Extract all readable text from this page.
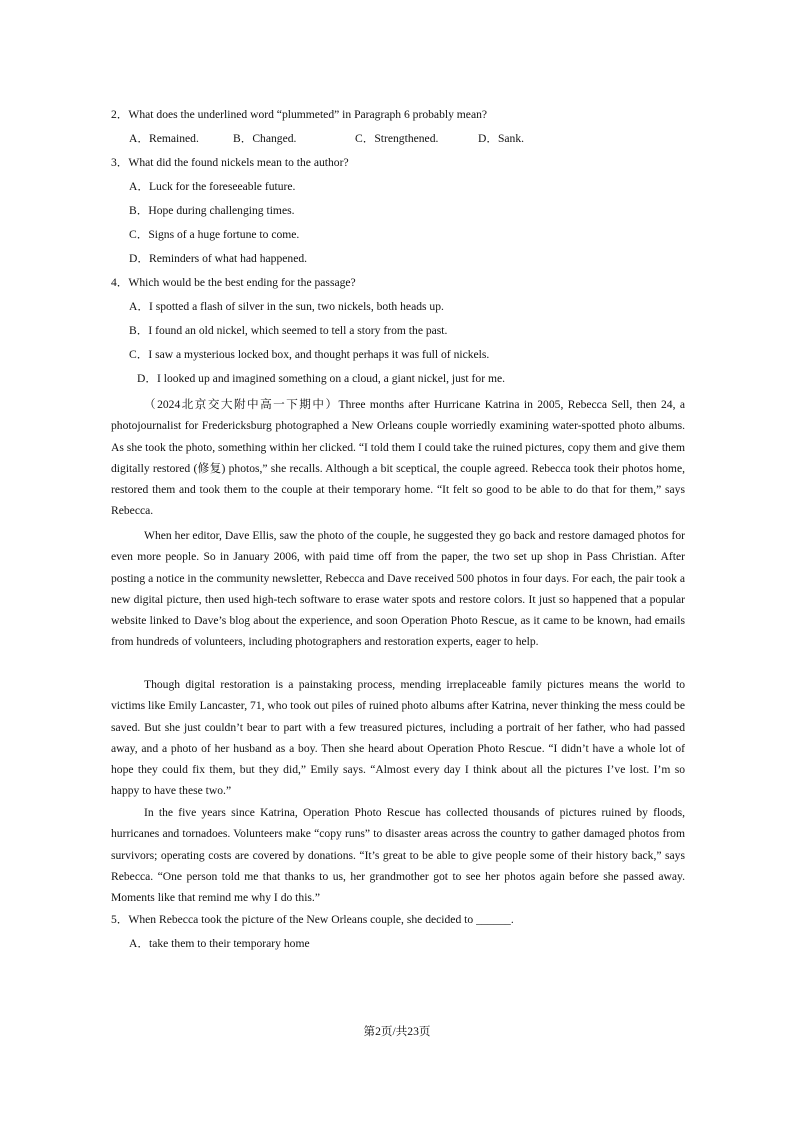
2．What does the underlined word “plummeted” in Paragraph 6 probably mean?
A．Remained.	B．Changed.	C．Strengthened.	D．Sank.
3．What did the found nickels mean to the author?
A．Luck for the foreseeable future.
B．Hope during challenging times.
C．Signs of a huge fortune to come.
D．Reminders of what had happened.
4．Which would be the best ending for the passage?
A．I spotted a flash of silver in the sun, two nickels, both heads up.
B．I found an old nickel, which seemed to tell a story from the past.
C．I saw a mysterious locked box, and thought perhaps it was full of nickels.
D．I looked up and imagined something on a cloud, a giant nickel, just for me.

（2024北京交大附中高一下期中）Three months after Hurricane Katrina in 2005, Rebecca Sell, then 24, a photojournalist for Fredericksburg photographed a New Orleans couple worriedly examining water-spotted photo albums. As she took the photo, something within her clicked. “I told them I could take the ruined pictures, copy them and give them digitally restored (修复) photos,” she recalls. Although a bit sceptical, the couple agreed. Rebecca took their photos home, restored them and took them to the couple at their temporary home. “It felt so good to be able to do that for them,” says Rebecca.

When her editor, Dave Ellis, saw the photo of the couple, he suggested they go back and restore damaged photos for even more people. So in January 2006, with paid time off from the paper, the two set up shop in Pass Christian. After posting a notice in the community newsletter, Rebecca and Dave received 500 photos in four days. For each, the pair took a new digital picture, then used high-tech software to erase water spots and restore colors. It just so happened that a popular website linked to Dave’s blog about the experience, and soon Operation Photo Rescue, as it came to be known, had emails from hundreds of volunteers, including photographers and restoration experts, eager to help.

Though digital restoration is a painstaking process, mending irreplaceable family pictures means the world to victims like Emily Lancaster, 71, who took out piles of ruined photo albums after Katrina, never thinking the mess could be saved. But she just couldn’t bear to part with a few treasured pictures, including a portrait of her father, who had passed away, and a photo of her husband as a boy. Then she heard about Operation Photo Rescue. “I didn’t have a whole lot of hope they could fix them, but they did,” Emily says. “Almost every day I think about all the pictures I’ve lost. I’m so happy to have these two.”

In the five years since Katrina, Operation Photo Rescue has collected thousands of pictures ruined by floods, hurricanes and tornadoes. Volunteers make “copy runs” to disaster areas across the country to gather damaged photos from survivors; operating costs are covered by donations. “It’s great to be able to give people some of their history back,” says Rebecca. “One person told me that thanks to us, her grandmother got to see her photos again before she passed away. Moments like that remind me why I do this.”

5．When Rebecca took the picture of the New Orleans couple, she decided to ______.
A．take them to their temporary home
第2页/共23页
